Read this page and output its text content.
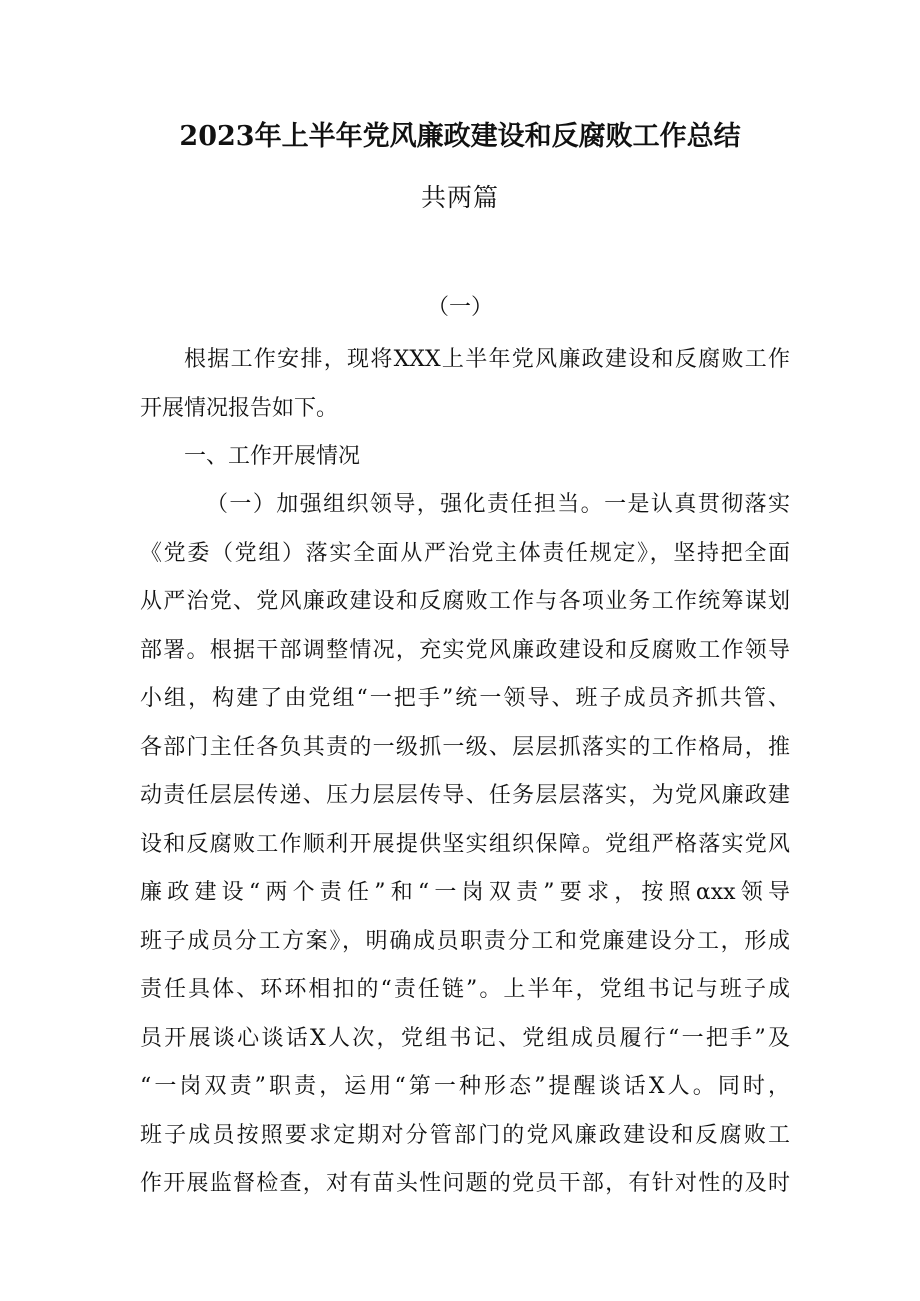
2023年上半年党风廉政建设和反腐败工作总结
共两篇
（一）
根据工作安排，现将XXX上半年党风廉政建设和反腐败工作
开展情况报告如下。
一、工作开展情况
（一）加强组织领导，强化责任担当。一是认真贯彻落实
《党委（党组）落实全面从严治党主体责任规定》，坚持把全面
从严治党、党风廉政建设和反腐败工作与各项业务工作统筹谋划
部署。根据干部调整情况，充实党风廉政建设和反腐败工作领导
小组，构建了由党组“一把手”统一领导、班子成员齐抓共管、
各部门主任各负其责的一级抓一级、层层抓落实的工作格局，推
动责任层层传递、压力层层传导、任务层层落实，为党风廉政建
设和反腐败工作顺利开展提供坚实组织保障。党组严格落实党风
廉政建设“两个责任”和“一岗双责”要求，按照αxx领导
班子成员分工方案》，明确成员职责分工和党廉建设分工，形成
责任具体、环环相扣的“责任链”。上半年，党组书记与班子成
员开展谈心谈话X人次，党组书记、党组成员履行“一把手”及
“一岗双责”职责，运用“第一种形态”提醒谈话X人。同时，
班子成员按照要求定期对分管部门的党风廉政建设和反腐败工
作开展监督检查，对有苗头性问题的党员干部，有针对性的及时
